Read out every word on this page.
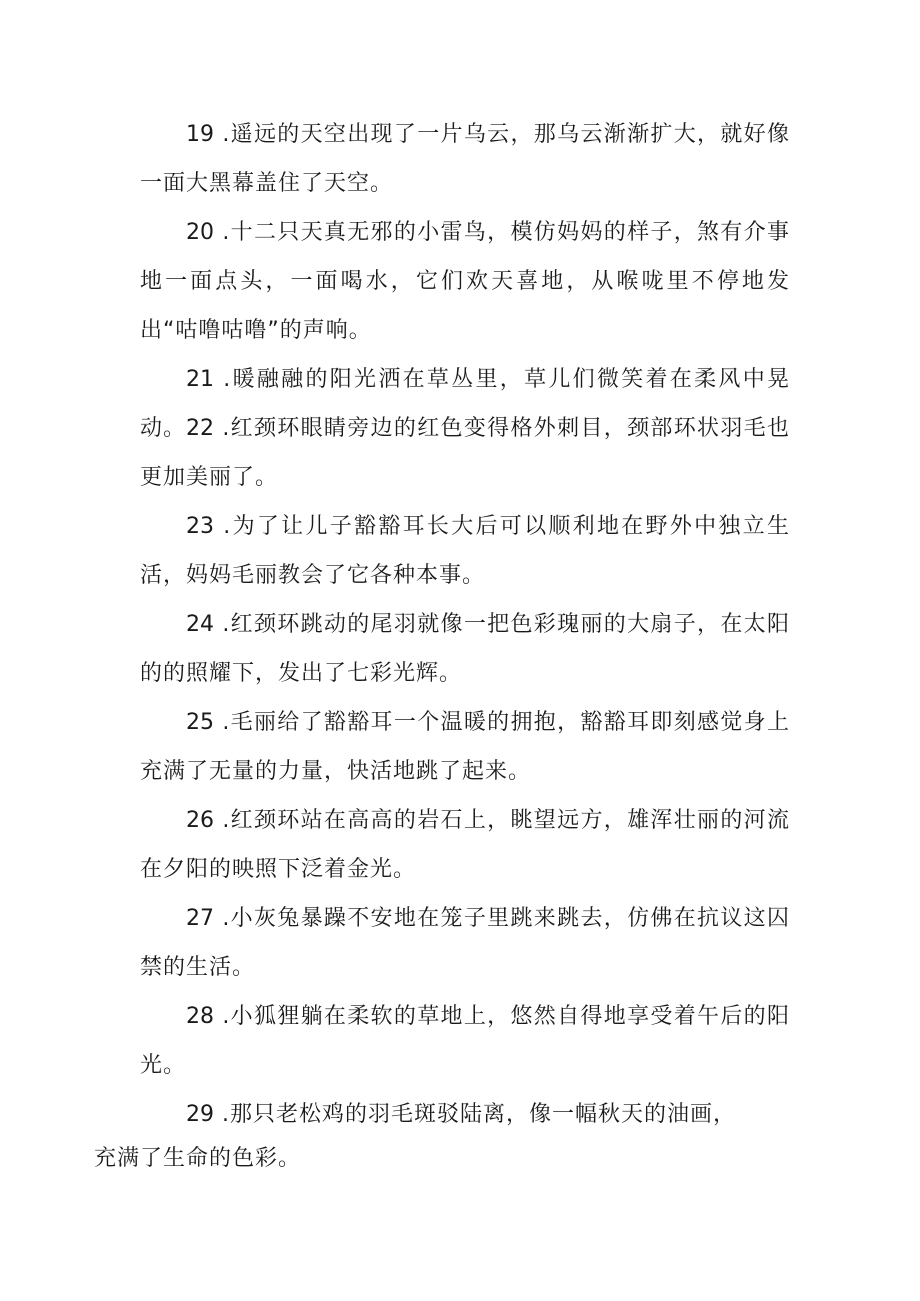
19 .遥远的天空出现了一片乌云，那乌云渐渐扩大，就好像一面大黑幕盖住了天空。

20 .十二只天真无邪的小雷鸟，模仿妈妈的样子，煞有介事地一面点头，一面喝水，它们欢天喜地，从喉咙里不停地发出“咕噜咕噜”的声响。

21 .暖融融的阳光洒在草丛里，草儿们微笑着在柔风中晃动。 22 .红颈环眼睛旁边的红色变得格外刺目，颈部环状羽毛也更加美丽了。

23 .为了让儿子豁豁耳长大后可以顺利地在野外中独立生活，妈妈毛丽教会了它各种本事。

24 .红颈环跳动的尾羽就像一把色彩瑰丽的大扇子，在太阳的的照耀下，发出了七彩光辉。

25 .毛丽给了豁豁耳一个温暖的拥抱，豁豁耳即刻感觉身上充满了无量的力量，快活地跳了起来。

26 .红颈环站在高高的岩石上，眺望远方，雄浑壮丽的河流在夕阳的映照下泛着金光。

27 .小灰兔暴躁不安地在笼子里跳来跳去，仿佛在抗议这囚禁的生活。

28 .小狐狸躺在柔软的草地上，悠然自得地享受着午后的阳光。

29 .那只老松鸡的羽毛斑驳陆离，像一幅秋天的油画，
充满了生命的色彩。
